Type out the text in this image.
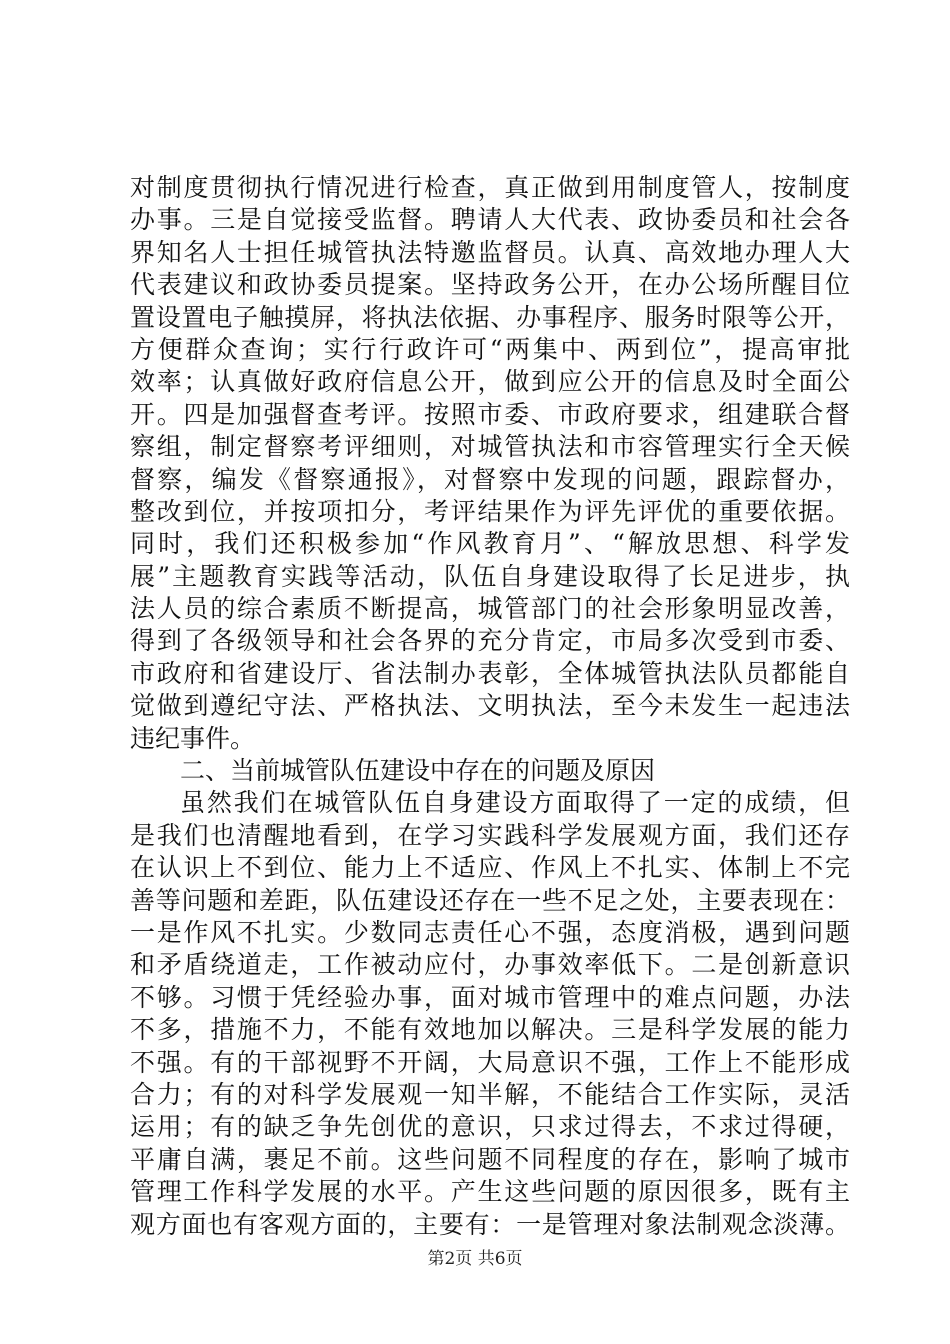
对制度贯彻执行情况进行检查，真正做到用制度管人，按制度
办事。三是自觉接受监督。聘请人大代表、政协委员和社会各
界知名人士担任城管执法特邀监督员。认真、高效地办理人大
代表建议和政协委员提案。坚持政务公开，在办公场所醒目位
置设置电子触摸屏，将执法依据、办事程序、服务时限等公开，
方便群众查询；实行行政许可“两集中、两到位”，提高审批
效率；认真做好政府信息公开，做到应公开的信息及时全面公
开。四是加强督查考评。按照市委、市政府要求，组建联合督
察组，制定督察考评细则，对城管执法和市容管理实行全天候
督察，编发《督察通报》，对督察中发现的问题，跟踪督办，
整改到位，并按项扣分，考评结果作为评先评优的重要依据。
同时，我们还积极参加“作风教育月”、“解放思想、科学发
展”主题教育实践等活动，队伍自身建设取得了长足进步，执
法人员的综合素质不断提高，城管部门的社会形象明显改善，
得到了各级领导和社会各界的充分肯定，市局多次受到市委、
市政府和省建设厅、省法制办表彰，全体城管执法队员都能自
觉做到遵纪守法、严格执法、文明执法，至今未发生一起违法
违纪事件。
二、当前城管队伍建设中存在的问题及原因
虽然我们在城管队伍自身建设方面取得了一定的成绩，但
是我们也清醒地看到，在学习实践科学发展观方面，我们还存
在认识上不到位、能力上不适应、作风上不扎实、体制上不完
善等问题和差距，队伍建设还存在一些不足之处，主要表现在：
一是作风不扎实。少数同志责任心不强，态度消极，遇到问题
和矛盾绕道走，工作被动应付，办事效率低下。二是创新意识
不够。习惯于凭经验办事，面对城市管理中的难点问题，办法
不多，措施不力，不能有效地加以解决。三是科学发展的能力
不强。有的干部视野不开阔，大局意识不强，工作上不能形成
合力；有的对科学发展观一知半解，不能结合工作实际，灵活
运用；有的缺乏争先创优的意识，只求过得去，不求过得硬，
平庸自满，裹足不前。这些问题不同程度的存在，影响了城市
管理工作科学发展的水平。产生这些问题的原因很多，既有主
观方面也有客观方面的，主要有：一是管理对象法制观念淡薄。
第2页 共6页
